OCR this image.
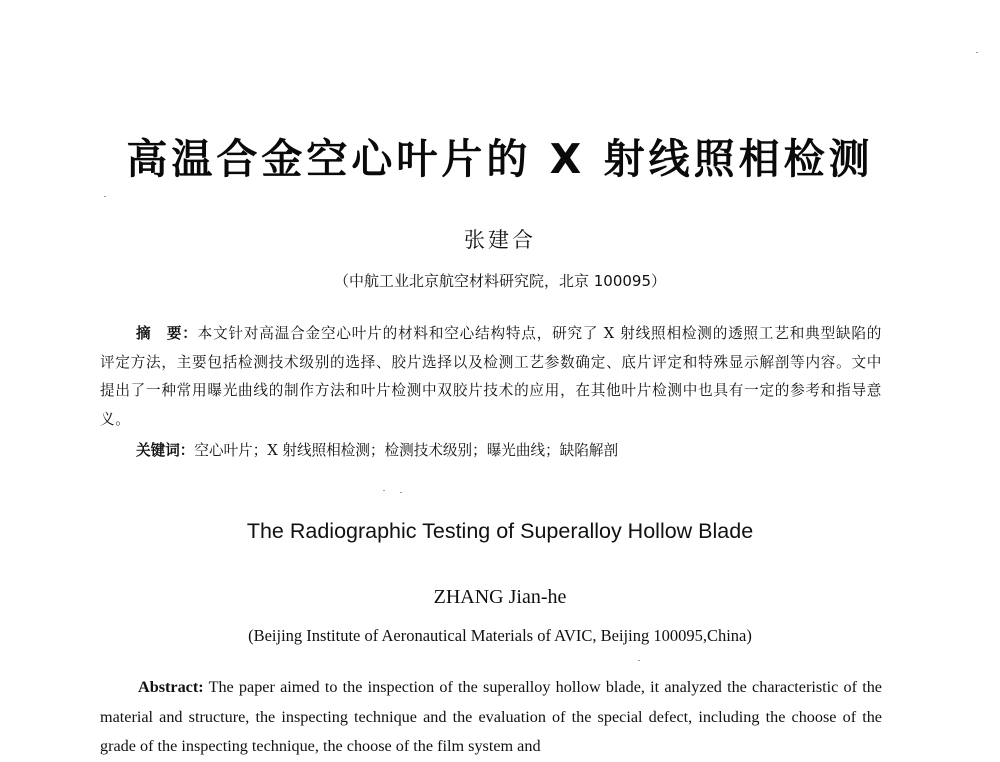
高温合金空心叶片的 X 射线照相检测
张建合
（中航工业北京航空材料研究院，北京 100095）
摘　要：本文针对高温合金空心叶片的材料和空心结构特点，研究了 X 射线照相检测的透照工艺和典型缺陷的评定方法，主要包括检测技术级别的选择、胶片选择以及检测工艺参数确定、底片评定和特殊显示解剖等内容。文中提出了一种常用曝光曲线的制作方法和叶片检测中双胶片技术的应用，在其他叶片检测中也具有一定的参考和指导意义。
关键词：空心叶片；X 射线照相检测；检测技术级别；曝光曲线；缺陷解剖
The Radiographic Testing of Superalloy Hollow Blade
ZHANG Jian-he
(Beijing Institute of Aeronautical Materials of AVIC, Beijing 100095,China)
Abstract: The paper aimed to the inspection of the superalloy hollow blade, it analyzed the characteristic of the material and structure, the inspecting technique and the evaluation of the special defect, including the choose of the grade of the inspecting technique, the choose of the film system and
